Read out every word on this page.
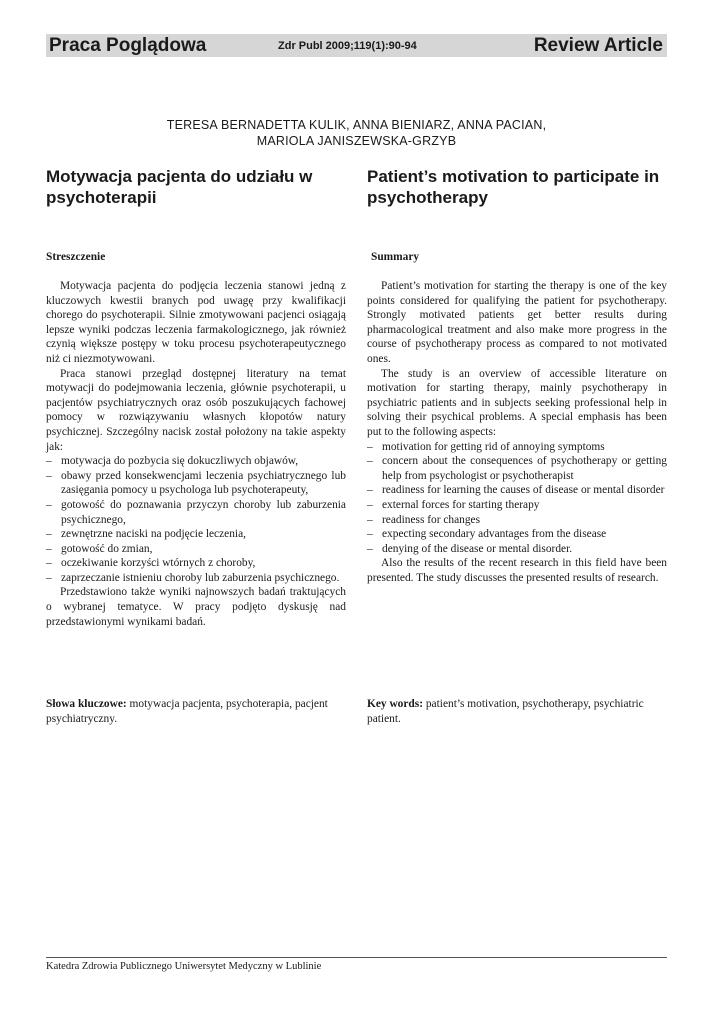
Praca Poglądowa	Zdr Publ 2009;119(1):90-94	Review Article
TERESA BERNADETTA KULIK, ANNA BIENIARZ, ANNA PACIAN,
MARIOLA JANISZEWSKA-GRZYB
Motywacja pacjenta do udziału w psychoterapii
Patient’s motivation to participate in psychotherapy
Streszczenie	Summary

Motywacja pacjenta do podjęcia leczenia stanowi jedną z kluczowych kwestii branych pod uwagę przy kwalifikacji chorego do psychoterapii. Silnie zmotywowani pacjenci osiągają lepsze wyniki podczas leczenia farmakologicznego, jak również czynią większe postępy w toku procesu psychoterapeutycznego niż ci niezmotywowani.

Praca stanowi przegląd dostępnej literatury na temat motywacji do podejmowania leczenia, głównie psychoterapii, u pacjentów psychiatrycznych oraz osób poszukujących fachowej pomocy w rozwiązywaniu własnych kłopotów natury psychicznej. Szczególny nacisk został położony na takie aspekty jak:

– motywacja do pozbycia się dokuczliwych objawów,
– obawy przed konsekwencjami leczenia psychiatrycznego lub zasięgania pomocy u psychologa lub psychoterapeuty,
– gotowość do poznawania przyczyn choroby lub zaburzenia psychicznego,
– zewnętrzne naciski na podjęcie leczenia,
– gotowość do zmian,
– oczekiwanie korzyści wtórnych z choroby,
– zaprzeczanie istnieniu choroby lub zaburzenia psychicznego.

Przedstawiono także wyniki najnowszych badań traktujących o wybranej tematyce. W pracy podjęto dyskusję nad przedstawionymi wynikami badań.

Patient’s motivation for starting the therapy is one of the key points considered for qualifying the patient for psychotherapy. Strongly motivated patients get better results during pharmacological treatment and also make more progress in the course of psychotherapy process as compared to not motivated ones.

The study is an overview of accessible literature on motivation for starting therapy, mainly psychotherapy in psychiatric patients and in subjects seeking professional help in solving their psychical problems. A special emphasis has been put to the following aspects:

– motivation for getting rid of annoying symptoms
– concern about the consequences of psychotherapy or getting help from psychologist or psychotherapist
– readiness for learning the causes of disease or mental disorder
– external forces for starting therapy
– readiness for changes
– expecting secondary advantages from the disease
– denying of the disease or mental disorder.

Also the results of the recent research in this field have been presented. The study discusses the presented results of research.

Słowa kluczowe: motywacja pacjenta, psychoterapia, pacjent psychiatryczny.
Key words: patient’s motivation, psychotherapy, psychiatric patient.
Katedra Zdrowia Publicznego Uniwersytet Medyczny w Lublinie
